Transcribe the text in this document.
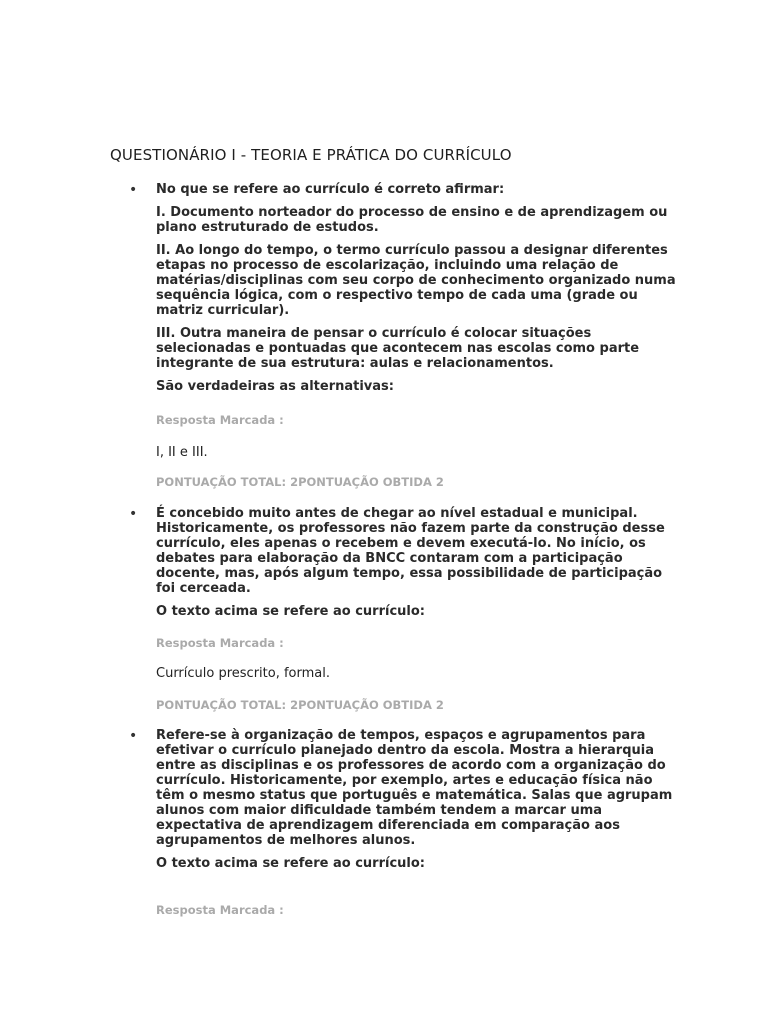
QUESTIONÁRIO I - TEORIA E PRÁTICA DO CURRÍCULO
• No que se refere ao currículo é correto afirmar:

I. Documento norteador do processo de ensino e de aprendizagem ou plano estruturado de estudos.

II. Ao longo do tempo, o termo currículo passou a designar diferentes etapas no processo de escolarização, incluindo uma relação de matérias/disciplinas com seu corpo de conhecimento organizado numa sequência lógica, com o respectivo tempo de cada uma (grade ou matriz curricular).

III. Outra maneira de pensar o currículo é colocar situações selecionadas e pontuadas que acontecem nas escolas como parte integrante de sua estrutura: aulas e relacionamentos.

São verdadeiras as alternativas:

Resposta Marcada :
I, II e III.
PONTUAÇÃO TOTAL: 2PONTUAÇÃO OBTIDA 2
• É concebido muito antes de chegar ao nível estadual e municipal. Historicamente, os professores não fazem parte da construção desse currículo, eles apenas o recebem e devem executá-lo. No início, os debates para elaboração da BNCC contaram com a participação docente, mas, após algum tempo, essa possibilidade de participação foi cerceada.

O texto acima se refere ao currículo:

Resposta Marcada :
Currículo prescrito, formal.
PONTUAÇÃO TOTAL: 2PONTUAÇÃO OBTIDA 2
• Refere-se à organização de tempos, espaços e agrupamentos para efetivar o currículo planejado dentro da escola. Mostra a hierarquia entre as disciplinas e os professores de acordo com a organização do currículo. Historicamente, por exemplo, artes e educação física não têm o mesmo status que português e matemática. Salas que agrupam alunos com maior dificuldade também tendem a marcar uma expectativa de aprendizagem diferenciada em comparação aos agrupamentos de melhores alunos.

O texto acima se refere ao currículo:

Resposta Marcada :
